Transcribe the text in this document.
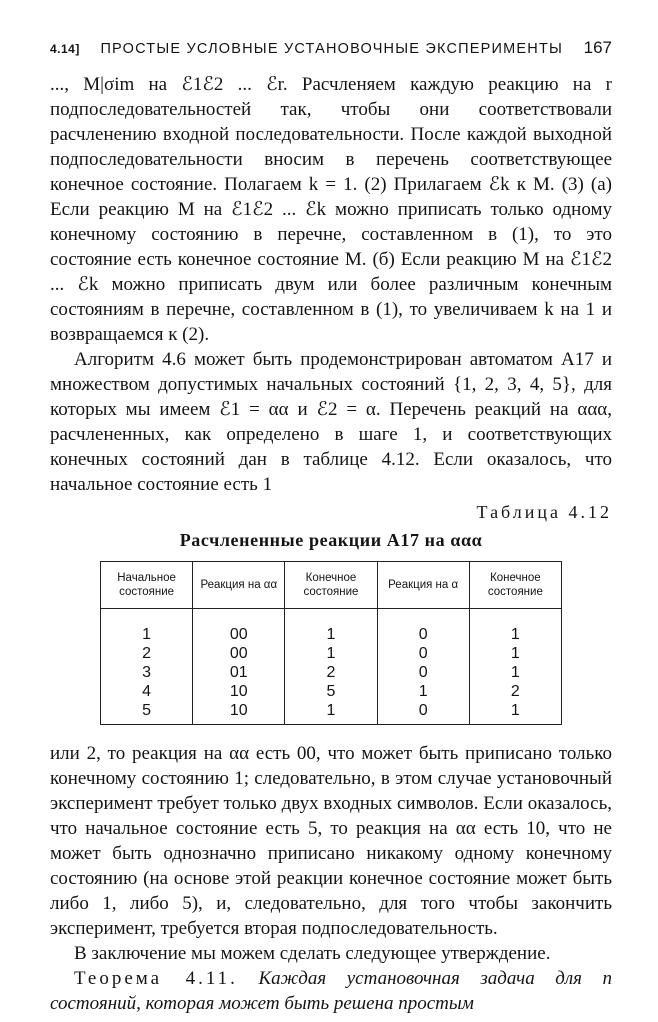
4.14]	ПРОСТЫЕ УСЛОВНЫЕ УСТАНОВОЧНЫЕ ЭКСПЕРИМЕНТЫ	167

..., M|σim на ℰ1ℰ2 ... ℰr. Расчленяем каждую реакцию на r подпоследовательностей так, чтобы они соответствовали расчленению входной последовательности. После каждой выходной подпоследовательности вносим в перечень соответствующее конечное состояние. Полагаем k = 1. (2) Прилагаем ℰk к M. (3) (а) Если реакцию M на ℰ1ℰ2 ... ℰk можно приписать только одному конечному состоянию в перечне, составленном в (1), то это состояние есть конечное состояние M. (б) Если реакцию M на ℰ1ℰ2 ... ℰk можно приписать двум или более различным конечным состояниям в перечне, составленном в (1), то увеличиваем k на 1 и возвращаемся к (2).

Алгоритм 4.6 может быть продемонстрирован автоматом A17 и множеством допустимых начальных состояний {1, 2, 3, 4, 5}, для которых мы имеем ℰ1 = αα и ℰ2 = α. Перечень реакций на ααα, расчлененных, как определено в шаге 1, и соответствующих конечных состояний дан в таблице 4.12. Если оказалось, что начальное состояние есть 1

Таблица 4.12
Расчлененные реакции A17 на ααα
Начальное состояние	Реакция на αα	Конечное состояние	Реакция на α	Конечное состояние

1	00	1	0	1
2	00	1	0	1
3	01	2	0	1
4	10	5	1	2
5	10	1	0	1

или 2, то реакция на αα есть 00, что может быть приписано только конечному состоянию 1; следовательно, в этом случае установочный эксперимент требует только двух входных символов. Если оказалось, что начальное состояние есть 5, то реакция на αα есть 10, что не может быть однозначно приписано никакому одному конечному состоянию (на основе этой реакции конечное состояние может быть либо 1, либо 5), и, следовательно, для того чтобы закончить эксперимент, требуется вторая подпоследовательность.

В заключение мы можем сделать следующее утверждение.

Теорема 4.11. Каждая установочная задача для n состояний, которая может быть решена простым
